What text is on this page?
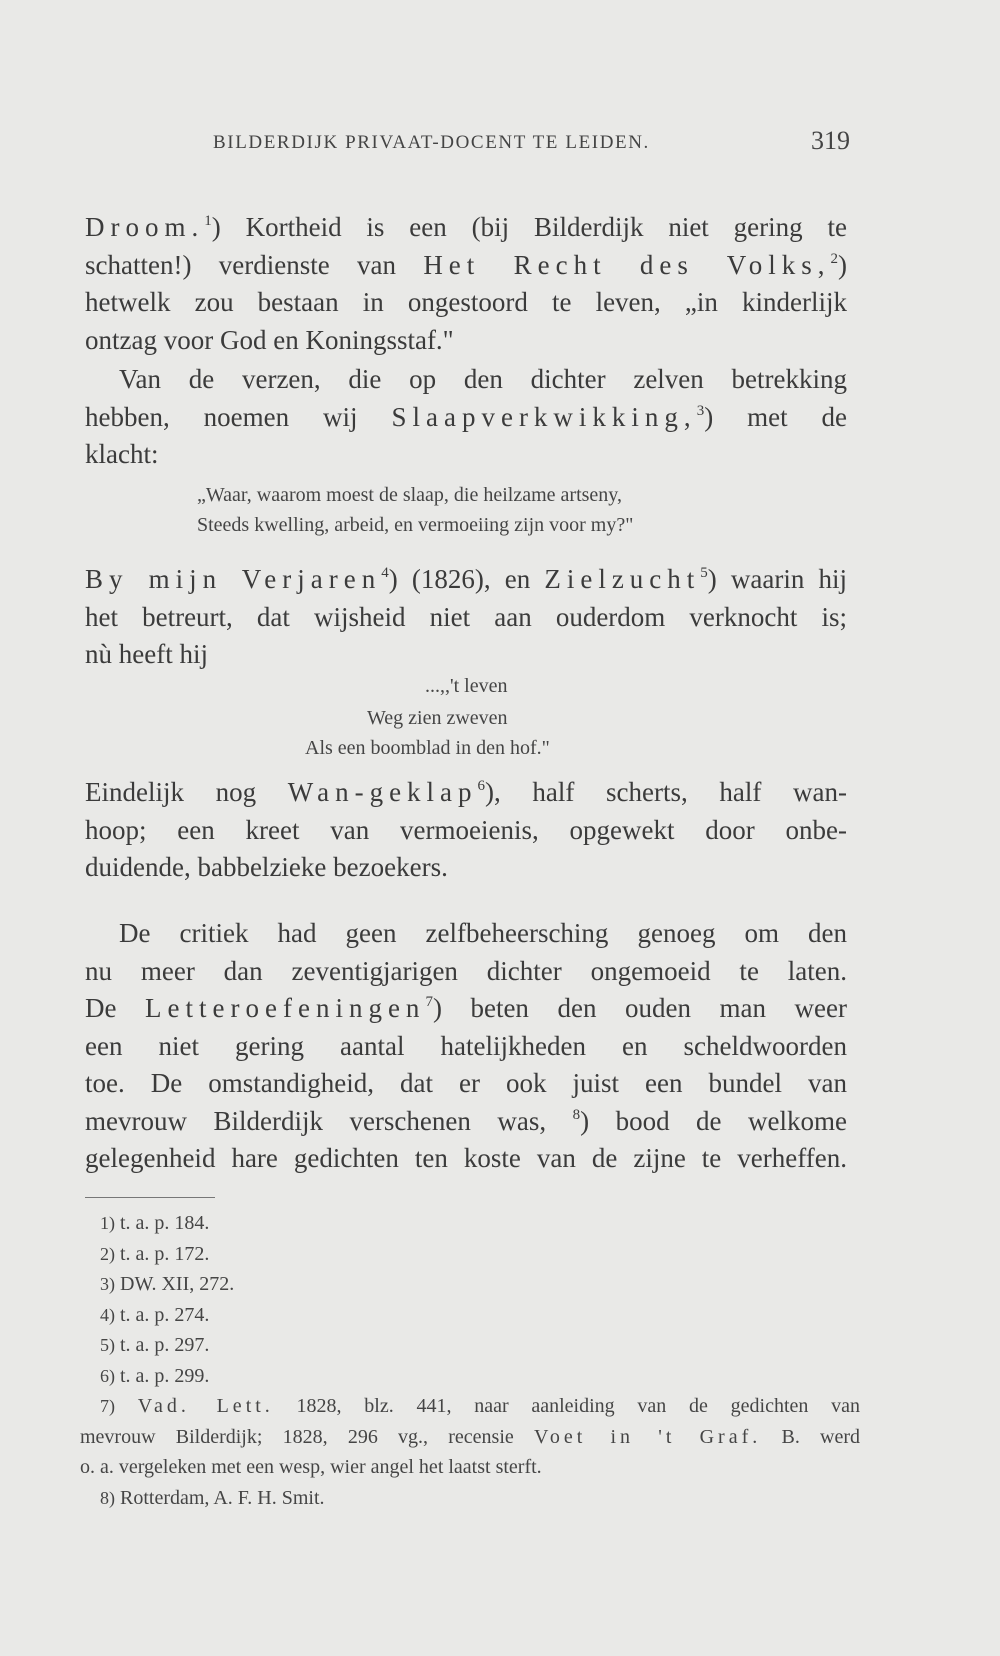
BILDERDIJK PRIVAAT-DOCENT TE LEIDEN.	319
Droom.$^1$) Kortheid is een (bij Bilderdijk niet gering te
schatten!) verdienste van Het Recht des Volks,$^2$)
hetwelk zou bestaan in ongestoord te leven, „in kinderlijk
ontzag voor God en Koningsstaf."
Van de verzen, die op den dichter zelven betrekking
hebben, noemen wij Slaapverkwikking,$^3$) met de
klacht:
„Waar, waarom moest de slaap, die heilzame artseny,
Steeds kwelling, arbeid, en vermoeiing zijn voor my?"
By mijn Verjaren$^4$) (1826), en Zielzucht$^5$) waarin hij
het betreurt, dat wijsheid niet aan ouderdom verknocht is;
nù heeft hij
...,,'t leven
Weg zien zweven
Als een boomblad in den hof."
Eindelijk nog Wan-geklap$^6$), half scherts, half wan-
hoop; een kreet van vermoeienis, opgewekt door onbe-
duidende, babbelzieke bezoekers.
De critiek had geen zelfbeheersching genoeg om den
nu meer dan zeventigjarigen dichter ongemoeid te laten.
De Letteroefeningen$^7$) beten den ouden man weer
een niet gering aantal hatelijkheden en scheldwoorden
toe. De omstandigheid, dat er ook juist een bundel van
mevrouw Bilderdijk verschenen was, $^8$) bood de welkome
gelegenheid hare gedichten ten koste van de zijne te verheffen.
1) t. a. p. 184.
2) t. a. p. 172.
3) DW. XII, 272.
4) t. a. p. 274.
5) t. a. p. 297.
6) t. a. p. 299.
7) Vad. Lett. 1828, blz. 441, naar aanleiding van de gedichten van
mevrouw Bilderdijk; 1828, 296 vg., recensie Voet in 't Graf. B. werd
o. a. vergeleken met een wesp, wier angel het laatst sterft.
8) Rotterdam, A. F. H. Smit.
